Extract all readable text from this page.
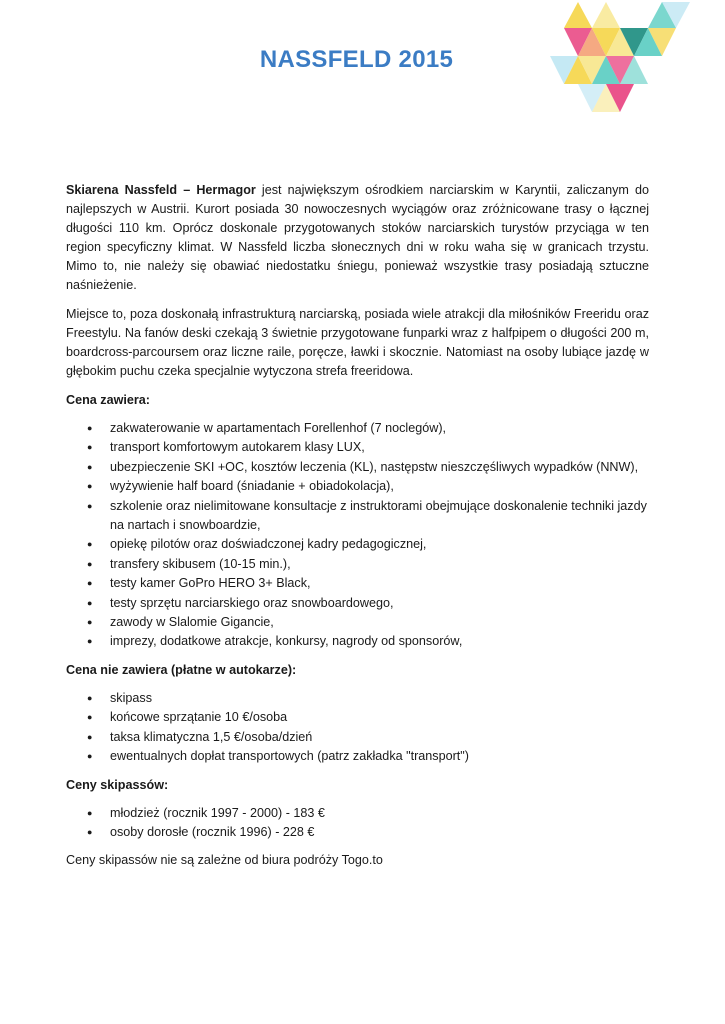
NASSFELD 2015

Skiarena Nassfeld – Hermagor jest największym ośrodkiem narciarskim w Karyntii, zaliczanym do najlepszych w Austrii. Kurort posiada 30 nowoczesnych wyciągów oraz zróżnicowane trasy o łącznej długości 110 km. Oprócz doskonale przygotowanych stoków narciarskich turystów przyciąga w ten region specyficzny klimat. W Nassfeld liczba słonecznych dni w roku waha się w granicach trzystu. Mimo to, nie należy się obawiać niedostatku śniegu, ponieważ wszystkie trasy posiadają sztuczne naśnieżenie.

Miejsce to, poza doskonałą infrastrukturą narciarską, posiada wiele atrakcji dla miłośników Freeridu oraz Freestylu. Na fanów deski czekają 3 świetnie przygotowane funparki wraz z halfpipem o długości 200 m, boardcross-parcoursem oraz liczne raile, poręcze, ławki i skocznie. Natomiast na osoby lubiące jazdę w głębokim puchu czeka specjalnie wytyczona strefa freeridowa.

Cena zawiera:

● zakwaterowanie w apartamentach Forellenhof (7 noclegów),
● transport komfortowym autokarem klasy LUX,
● ubezpieczenie SKI +OC, kosztów leczenia (KL), następstw nieszczęśliwych wypadków (NNW),
● wyżywienie half board (śniadanie + obiadokolacja),
● szkolenie oraz nielimitowane konsultacje z instruktorami obejmujące doskonalenie techniki jazdy na nartach i snowboardzie,
● opiekę pilotów oraz doświadczonej kadry pedagogicznej,
● transfery skibusem (10-15 min.),
● testy kamer GoPro HERO 3+ Black,
● testy sprzętu narciarskiego oraz snowboardowego,
● zawody w Slalomie Gigancie,
● imprezy, dodatkowe atrakcje, konkursy, nagrody od sponsorów,

Cena nie zawiera (płatne w autokarze):

● skipass
● końcowe sprzątanie 10 €/osoba
● taksa klimatyczna 1,5 €/osoba/dzień
● ewentualnych dopłat transportowych (patrz zakładka "transport")

Ceny skipassów:

● młodzież (rocznik 1997 - 2000) - 183 €
● osoby dorosłe (rocznik 1996) - 228 €

Ceny skipassów nie są zależne od biura podróży Togo.to
